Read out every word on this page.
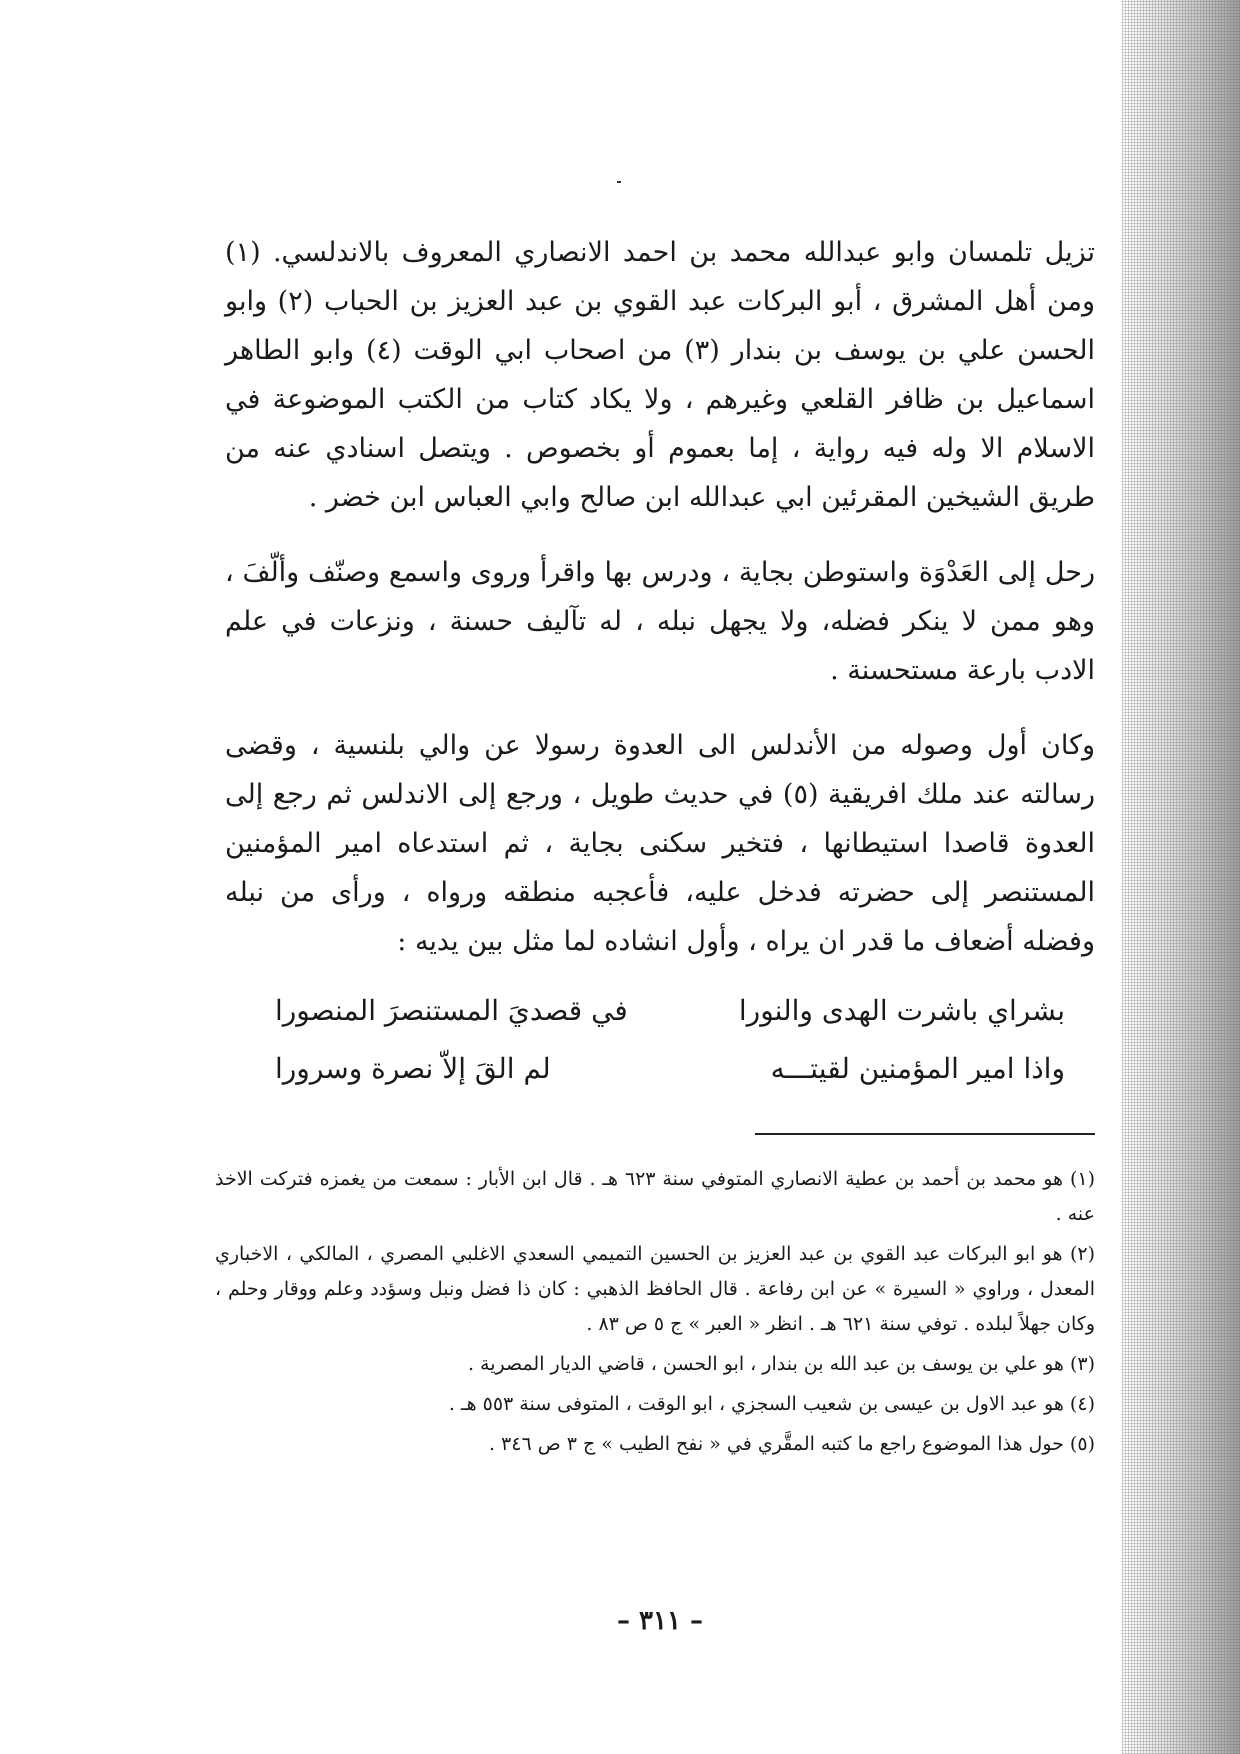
تزيل تلمسان وابو عبدالله محمد بن احمد الانصاري المعروف بالاندلسي. (١) ومن أهل المشرق ، أبو البركات عبد القوي بن عبد العزيز بن الحباب (٢) وابو الحسن علي بن يوسف بن بندار (٣) من اصحاب ابي الوقت (٤) وابو الطاهر اسماعيل بن ظافر القلعي وغيرهم ، ولا يكاد كتاب من الكتب الموضوعة في الاسلام الا وله فيه رواية ، إما بعموم أو بخصوص . ويتصل اسنادي عنه من طريق الشيخين المقرئين ابي عبدالله ابن صالح وابي العباس ابن خضر .

رحل إلى العَدْوَة واستوطن بجاية ، ودرس بها واقرأ وروى واسمع وصنّف وألّفَ ، وهو ممن لا ينكر فضله، ولا يجهل نبله ، له تآليف حسنة ، ونزعات في علم الادب بارعة مستحسنة .

وكان أول وصوله من الأندلس الى العدوة رسولا عن والي بلنسية ، وقضى رسالته عند ملك افريقية (٥) في حديث طويل ، ورجع إلى الاندلس ثم رجع إلى العدوة قاصدا استيطانها ، فتخير سكنى بجاية ، ثم استدعاه امير المؤمنين المستنصر إلى حضرته فدخل عليه، فأعجبه منطقه ورواه ، ورأى من نبله وفضله أضعاف ما قدر ان يراه ، وأول انشاده لما مثل بين يديه :

بشراي باشرت الهدى والنورا
في قصديَ المستنصرَ المنصورا
واذا امير المؤمنين لقيتـــه
لم القَ إلاّ نصرة وسرورا

(١) هو محمد بن أحمد بن عطية الانصاري المتوفي سنة ٦٢٣ هـ . قال ابن الأبار : سمعت من يغمزه فتركت الاخذ عنه .

(٢) هو ابو البركات عبد القوي بن عبد العزيز بن الحسين التميمي السعدي الاغلبي المصري ، المالكي ، الاخباري المعدل ، وراوي « السيرة » عن ابن رفاعة . قال الحافظ الذهبي : كان ذا فضل ونبل وسؤدد وعلم ووقار وحلم ، وكان جهلاً لبلده . توفي سنة ٦٢١ هـ . انظر « العبر » ج ٥ ص ٨٣ .

(٣) هو علي بن يوسف بن عبد الله بن بندار ، ابو الحسن ، قاضي الديار المصرية .

(٤) هو عبد الاول بن عيسى بن شعيب السجزي ، ابو الوقت ، المتوفى سنة ٥٥٣ هـ .

(٥) حول هذا الموضوع راجع ما كتبه المقَّري في « نفح الطيب » ج ٣ ص ٣٤٦ .

– ٣١١ –
